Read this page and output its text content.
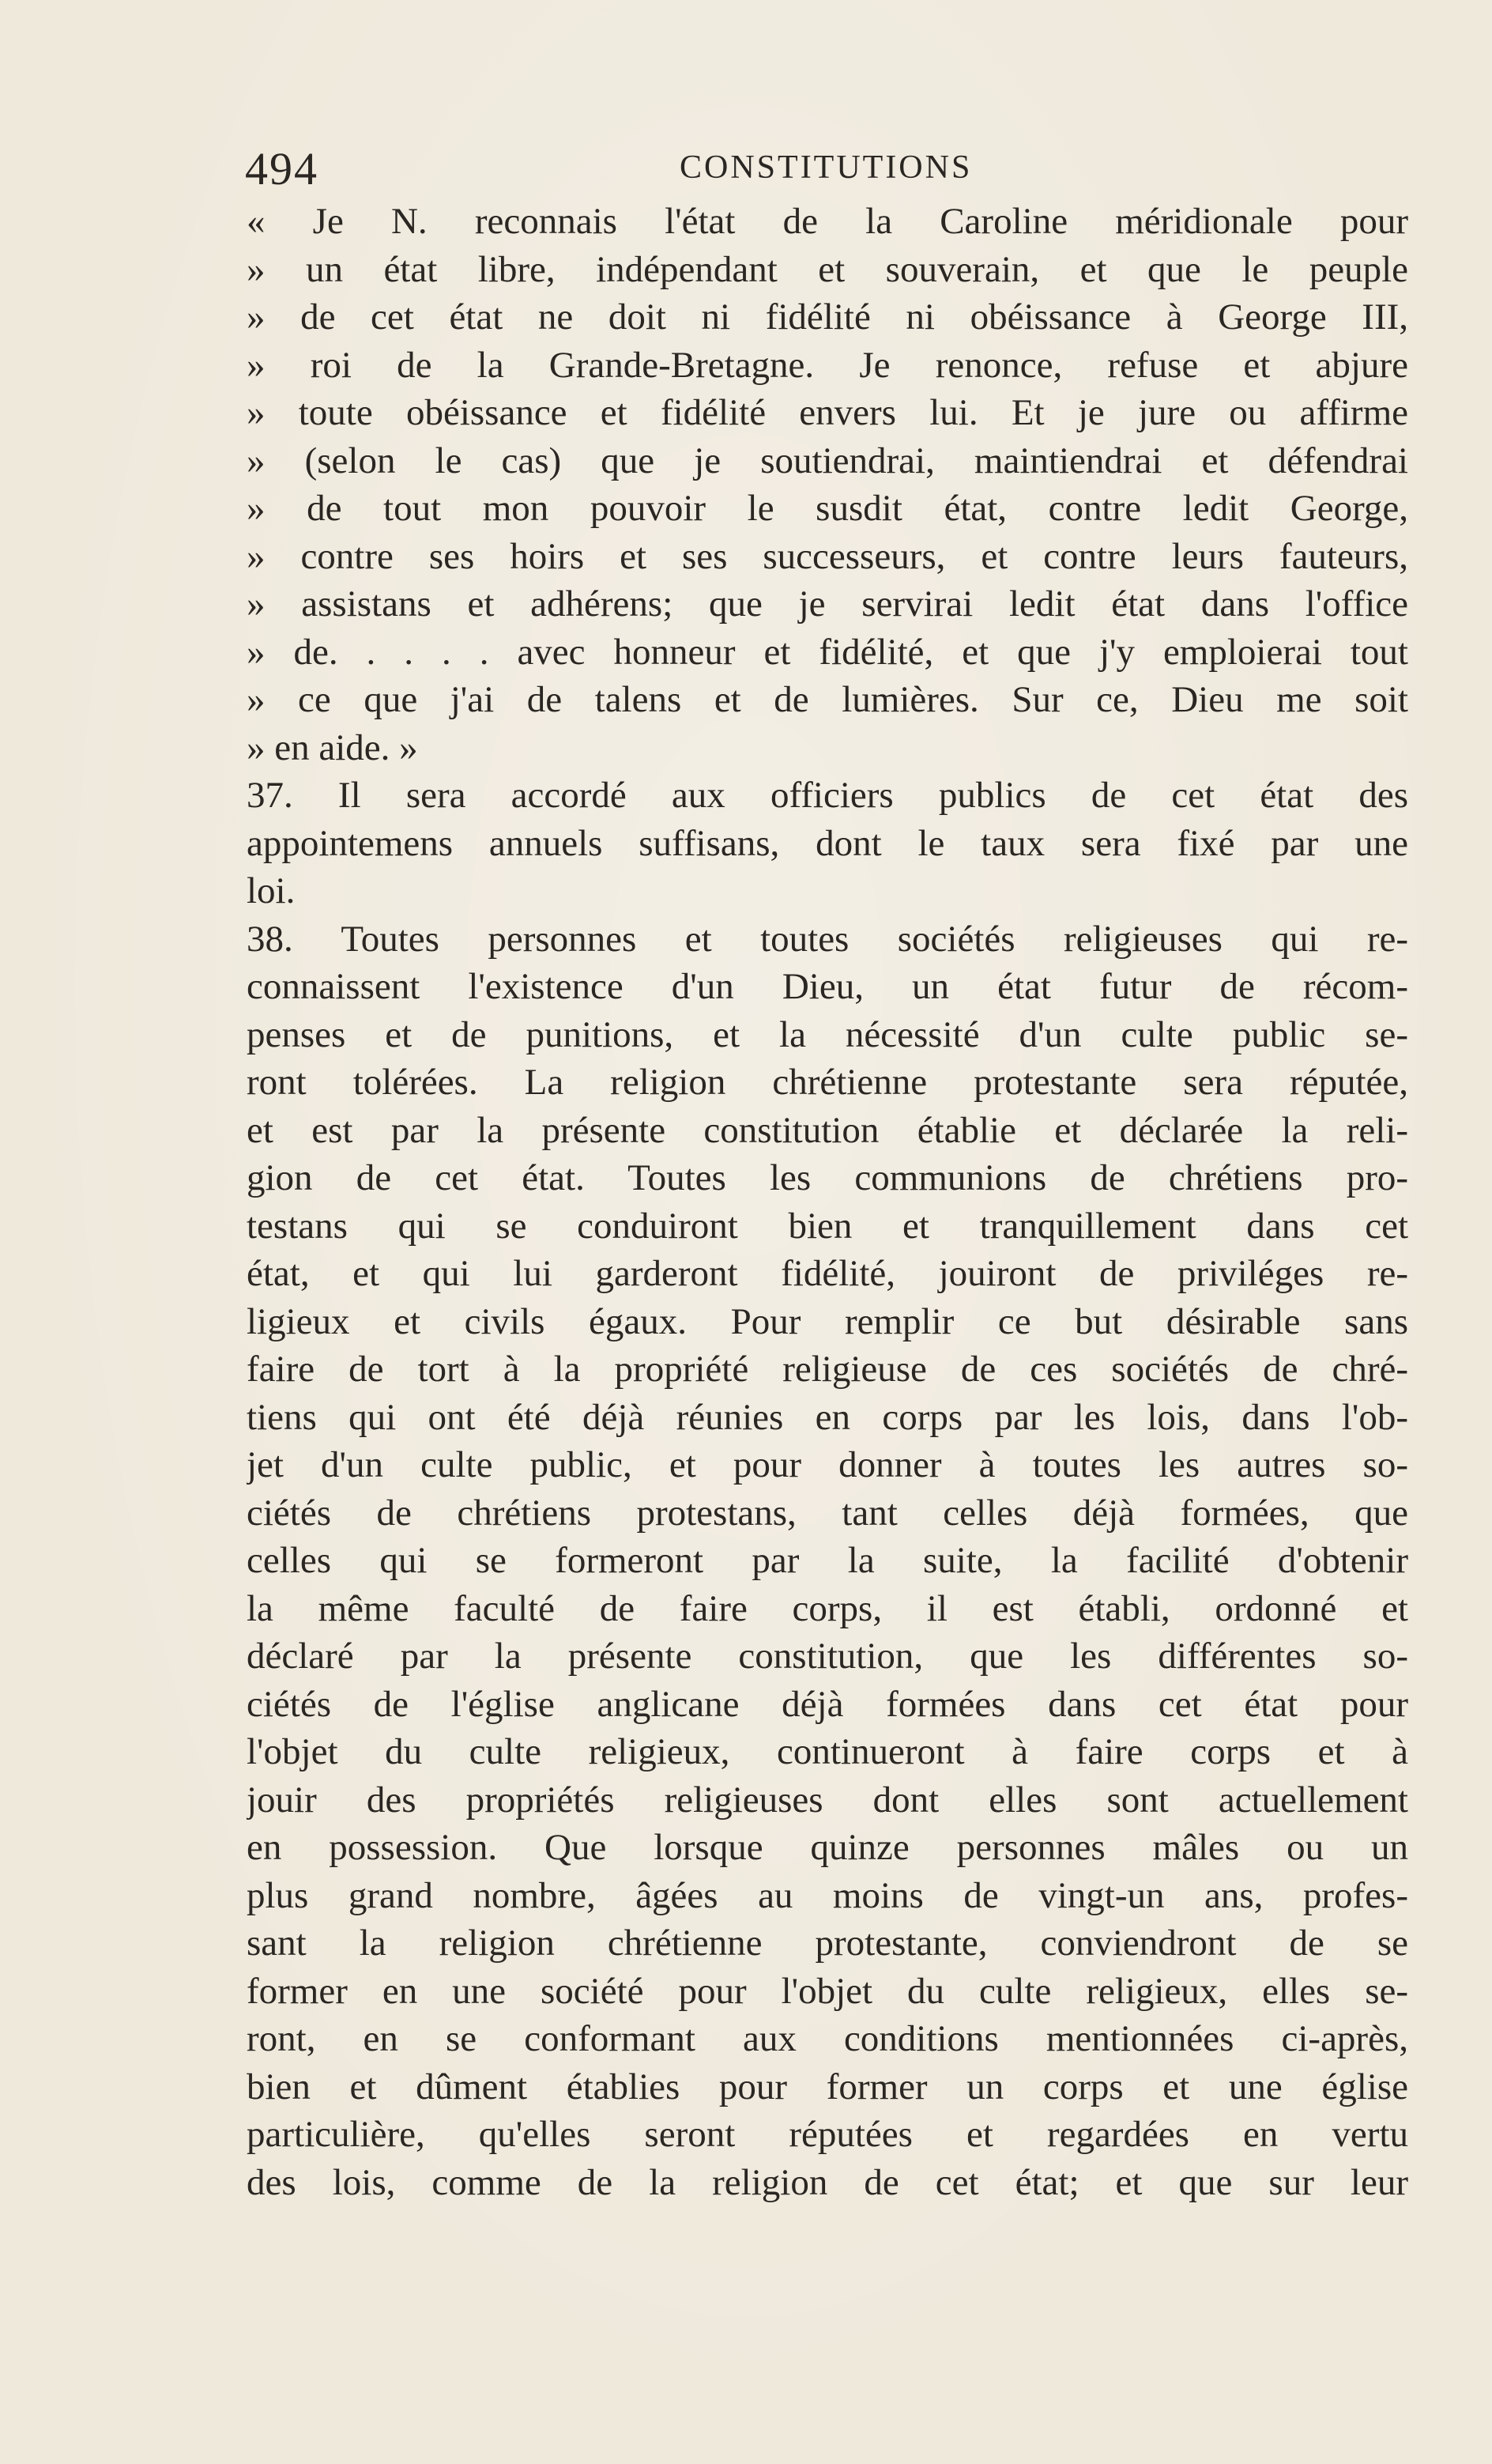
494	CONSTITUTIONS
« Je N. reconnais l'état de la Caroline méridionale pour
» un état libre, indépendant et souverain, et que le peuple
» de cet état ne doit ni fidélité ni obéissance à George III,
» roi de la Grande-Bretagne. Je renonce, refuse et abjure
» toute obéissance et fidélité envers lui. Et je jure ou affirme
» (selon le cas) que je soutiendrai, maintiendrai et défendrai
» de tout mon pouvoir le susdit état, contre ledit George,
» contre ses hoirs et ses successeurs, et contre leurs fauteurs,
» assistans et adhérens; que je servirai ledit état dans l'office
» de. . . . . avec honneur et fidélité, et que j'y emploierai tout
» ce que j'ai de talens et de lumières. Sur ce, Dieu me soit
» en aide. »
37. Il sera accordé aux officiers publics de cet état des
appointemens annuels suffisans, dont le taux sera fixé par une
loi.
38. Toutes personnes et toutes sociétés religieuses qui re-
connaissent l'existence d'un Dieu, un état futur de récom-
penses et de punitions, et la nécessité d'un culte public se-
ront tolérées. La religion chrétienne protestante sera réputée,
et est par la présente constitution établie et déclarée la reli-
gion de cet état. Toutes les communions de chrétiens pro-
testans qui se conduiront bien et tranquillement dans cet
état, et qui lui garderont fidélité, jouiront de priviléges re-
ligieux et civils égaux. Pour remplir ce but désirable sans
faire de tort à la propriété religieuse de ces sociétés de chré-
tiens qui ont été déjà réunies en corps par les lois, dans l'ob-
jet d'un culte public, et pour donner à toutes les autres so-
ciétés de chrétiens protestans, tant celles déjà formées, que
celles qui se formeront par la suite, la facilité d'obtenir
la même faculté de faire corps, il est établi, ordonné et
déclaré par la présente constitution, que les différentes so-
ciétés de l'église anglicane déjà formées dans cet état pour
l'objet du culte religieux, continueront à faire corps et à
jouir des propriétés religieuses dont elles sont actuellement
en possession. Que lorsque quinze personnes mâles ou un
plus grand nombre, âgées au moins de vingt-un ans, profes-
sant la religion chrétienne protestante, conviendront de se
former en une société pour l'objet du culte religieux, elles se-
ront, en se conformant aux conditions mentionnées ci-après,
bien et dûment établies pour former un corps et une église
particulière, qu'elles seront réputées et regardées en vertu
des lois, comme de la religion de cet état; et que sur leur
